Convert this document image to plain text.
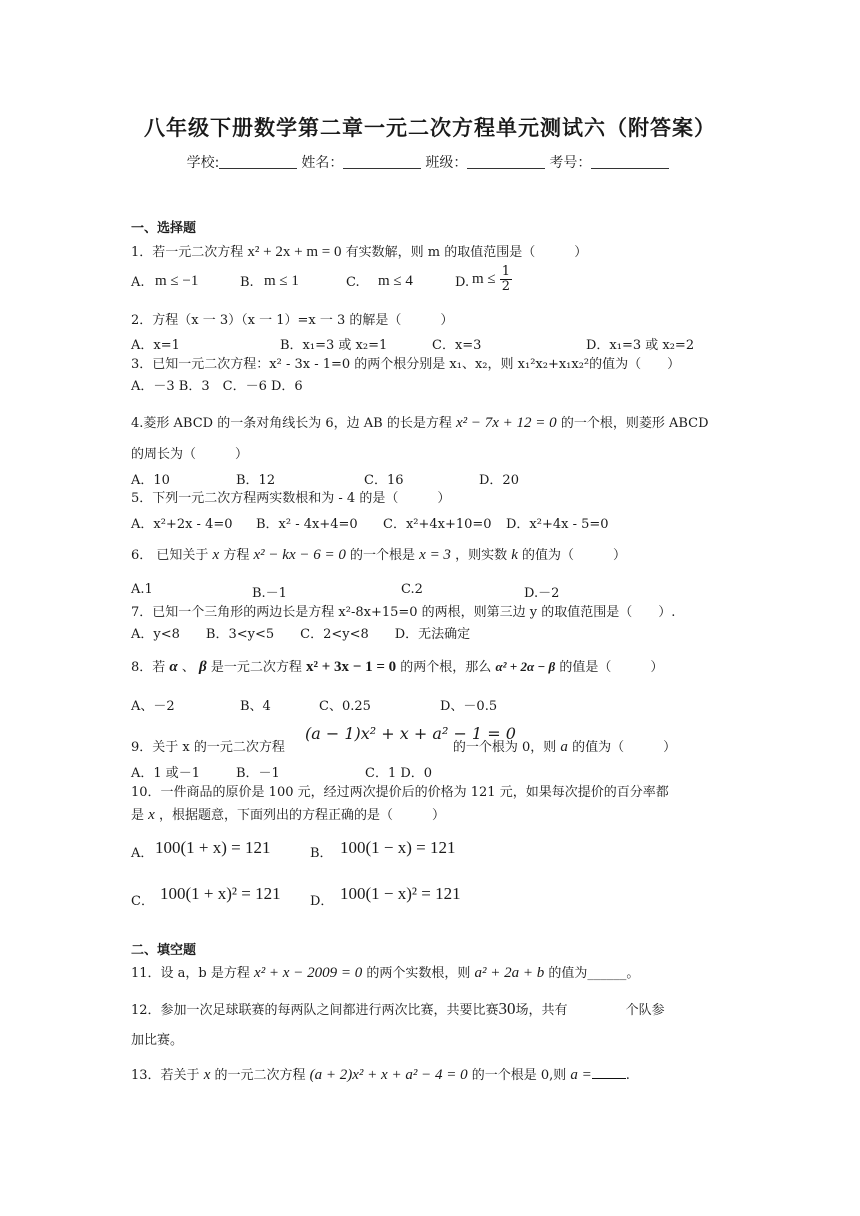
八年级下册数学第二章一元二次方程单元测试六（附答案）
学校:	姓名：	班级：	考号：
一、选择题
1．若一元二次方程 x² + 2x + m = 0 有实数解，则 m 的取值范围是（　　　）
A. m ≤ −1	B. m ≤ 1	C. m ≤ 4	D. $m \le \frac{1}{2}$
2．方程（x 一 3）（x 一 1）=x 一 3 的解是（　　　）
A．x=1	B．x₁=3 或 x₂=1	C．x=3	D．x₁=3 或 x₂=2
3．已知一元二次方程：x² - 3x - 1=0 的两个根分别是 x₁、x₂，则 x₁²x₂+x₁x₂²的值为（　　）
A．－3 B．3　C．－6 D．6
4.菱形 ABCD 的一条对角线长为 6，边 AB 的长是方程 x² − 7x + 12 = 0 的一个根，则菱形 ABCD
的周长为（　　　）
A．10	B．12	C．16	D．20
5．下列一元二次方程两实数根和为 - 4 的是（　　　）
A．x²+2x - 4=0 B．x² - 4x+4=0 C．x²+4x+10=0 D．x²+4x - 5=0
6． 已知关于 x 方程 x² − kx − 6 = 0 的一个根是 x = 3 ，则实数 k 的值为（　　　）
A.1	B.－1	C.2	D.－2
7．已知一个三角形的两边长是方程 x²-8x+15=0 的两根，则第三边 y 的取值范围是（　　）.
A．y<8　　B．3<y<5　　C．2<y<8　　D．无法确定
8．若 α 、 β 是一元二次方程 x² + 3x − 1 = 0 的两个根，那么 α² + 2α − β 的值是（　　　）
A、－2	B、4	C、0.25	D、－0.5
(a − 1)x² + x + a² − 1 = 0
9．关于 x 的一元二次方程	的一个根为 0，则 a 的值为（　　　）
A．1 或－1	B．－1	C．1 D．0
10．一件商品的原价是 100 元，经过两次提价后的价格为 121 元，如果每次提价的百分率都
是 x ，根据题意，下面列出的方程正确的是（　　　）
A． 100(1 + x) = 121	B． 100(1 − x) = 121
C． 100(1 + x)² = 121 D． 100(1 − x)² = 121
二、填空题
11．设 a，b 是方程 x² + x − 2009 = 0 的两个实数根，则 a² + 2a + b 的值为______。
12．参加一次足球联赛的每两队之间都进行两次比赛，共要比赛30场，共有	个队参
加比赛。
13．若关于 x 的一元二次方程 (a + 2)x² + x + a² − 4 = 0 的一个根是 0,则 a =	.
